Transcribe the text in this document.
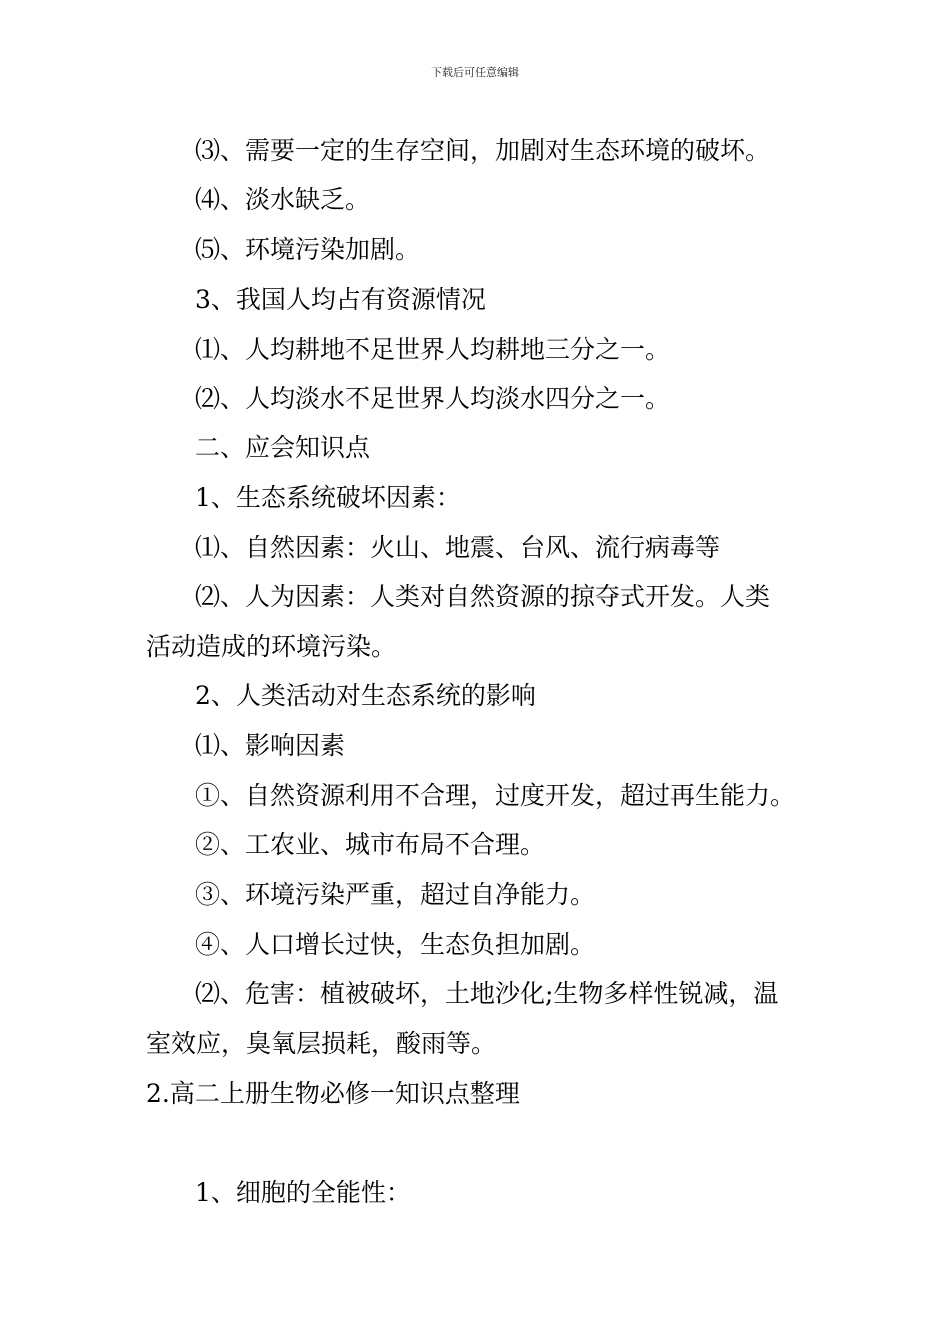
下载后可任意编辑
⑶、需要一定的生存空间，加剧对生态环境的破坏。
⑷、淡水缺乏。
⑸、环境污染加剧。
3、我国人均占有资源情况
⑴、人均耕地不足世界人均耕地三分之一。
⑵、人均淡水不足世界人均淡水四分之一。
二、应会知识点
1、生态系统破坏因素：
⑴、自然因素：火山、地震、台风、流行病毒等
⑵、人为因素：人类对自然资源的掠夺式开发。人类
活动造成的环境污染。
2、人类活动对生态系统的影响
⑴、影响因素
①、自然资源利用不合理，过度开发，超过再生能力。
②、工农业、城市布局不合理。
③、环境污染严重，超过自净能力。
④、人口增长过快，生态负担加剧。
⑵、危害：植被破坏，土地沙化;生物多样性锐减，温
室效应，臭氧层损耗，酸雨等。
2.高二上册生物必修一知识点整理
1、细胞的全能性：
